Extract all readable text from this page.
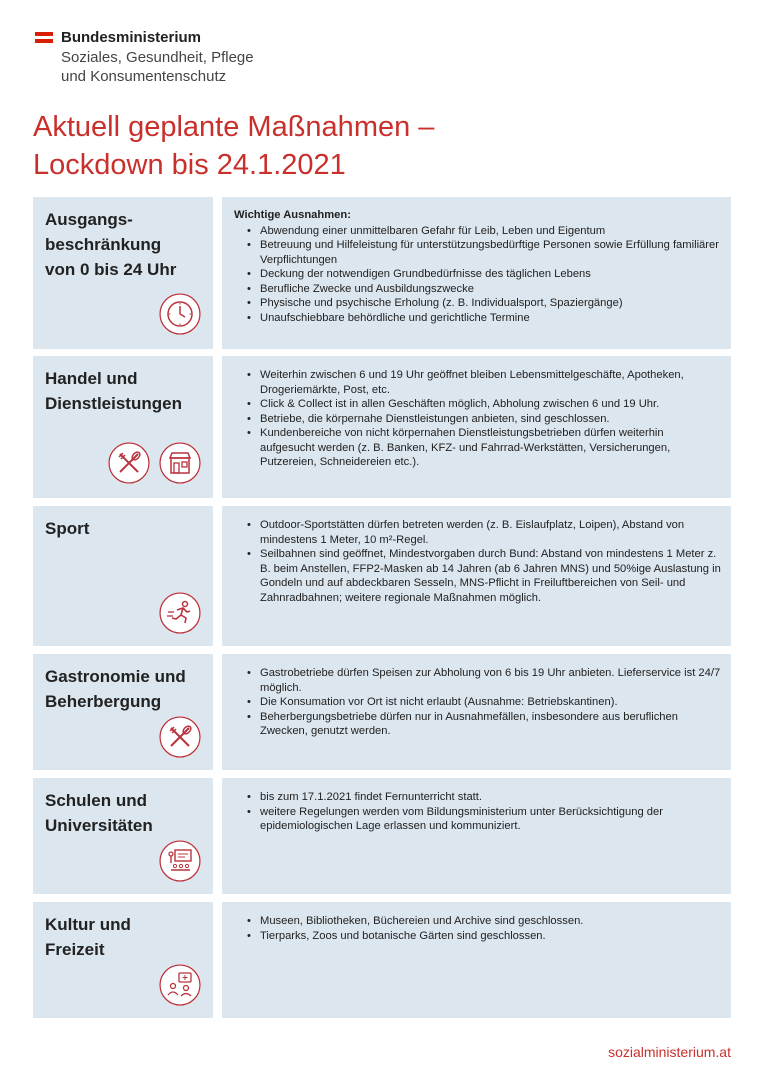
Bundesministerium
Soziales, Gesundheit, Pflege
und Konsumentenschutz
Aktuell geplante Maßnahmen –
Lockdown bis 24.1.2021
Ausgangs-
beschränkung
von 0 bis 24 Uhr
Wichtige Ausnahmen:
• Abwendung einer unmittelbaren Gefahr für Leib, Leben und Eigentum
• Betreuung und Hilfeleistung für unterstützungsbedürftige Personen sowie Erfüllung familiärer Verpflichtungen
• Deckung der notwendigen Grundbedürfnisse des täglichen Lebens
• Berufliche Zwecke und Ausbildungszwecke
• Physische und psychische Erholung (z. B. Individualsport, Spaziergänge)
• Unaufschiebbare behördliche und gerichtliche Termine
Handel und
Dienstleistungen
• Weiterhin zwischen 6 und 19 Uhr geöffnet bleiben Lebensmittelgeschäfte, Apotheken, Drogeriemärkte, Post, etc.
• Click & Collect ist in allen Geschäften möglich, Abholung zwischen 6 und 19 Uhr.
• Betriebe, die körpernahe Dienstleistungen anbieten, sind geschlossen.
• Kundenbereiche von nicht körpernahen Dienstleistungsbetrieben dürfen weiterhin aufgesucht werden (z. B. Banken, KFZ- und Fahrrad-Werkstätten, Versicherungen, Putzereien, Schneidereien etc.).
Sport
•	Outdoor-Sportstätten dürfen betreten werden (z. B. Eislaufplatz, Loipen), Abstand von mindestens 1 Meter, 10 m²-Regel.
• Seilbahnen sind geöffnet, Mindestvorgaben durch Bund: Abstand von mindestens 1 Meter z. B. beim Anstellen, FFP2-Masken ab 14 Jahren (ab 6 Jahren MNS) und 50%ige Auslastung in Gondeln und auf abdeckbaren Sesseln, MNS-Pflicht in Freiluftbereichen von Seil- und Zahnradbahnen; weitere regionale Maßnahmen möglich.
Gastronomie und
Beherbergung
• Gastrobetriebe dürfen Speisen zur Abholung von 6 bis 19 Uhr anbieten. Lieferservice ist 24/7 möglich.
• Die Konsumation vor Ort ist nicht erlaubt (Ausnahme: Betriebskantinen).
• Beherbergungsbetriebe dürfen nur in Ausnahmefällen, insbesondere aus beruflichen Zwecken, genutzt werden.
Schulen und
Universitäten
• bis zum 17.1.2021 findet Fernunterricht statt.
• weitere Regelungen werden vom Bildungsministerium unter Berücksichtigung der epidemiologischen Lage erlassen und kommuniziert.
Kultur und
Freizeit
• Museen, Bibliotheken, Büchereien und Archive sind geschlossen.
• Tierparks, Zoos und botanische Gärten sind geschlossen.
sozialministerium.at
